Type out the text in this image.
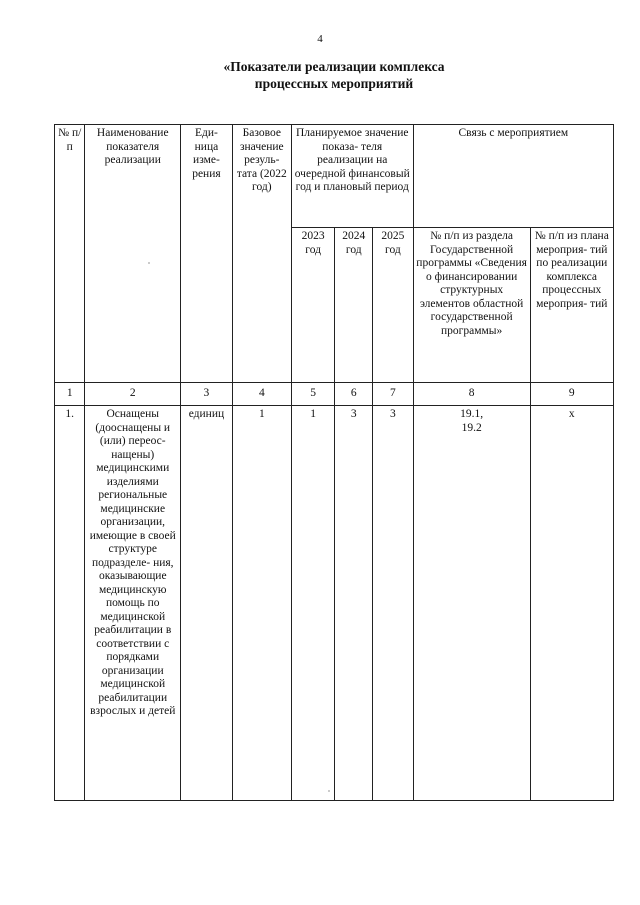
4
«Показатели реализации комплекса
процессных мероприятий
№ п/п	Наименование показателя реализации	Еди- ница изме- рения	Базовое значение резуль- тата (2022 год)	Планируемое значение показа- теля реализации на очередной финансовый год и плановый период			Связь с мероприятием	
				2023 год	2024 год	2025 год	№ п/п из раздела Государственной программы «Сведения о финансировании структурных элементов областной государственной программы»	№ п/п из плана мероприя- тий по реализации комплекса процессных мероприя- тий
1	2	3	4	5	6	7	8	9
1.	Оснащены (дооснащены и (или) переос- нащены) медицинскими изделиями региональные медицинские организации, имеющие в своей структуре подразделе- ния, оказывающие медицинскую помощь по медицинской реабилитации в соответствии с порядками организации медицинской реабилитации взрослых и детей	единиц	1	1	3	3	19.1,
19.2	х
